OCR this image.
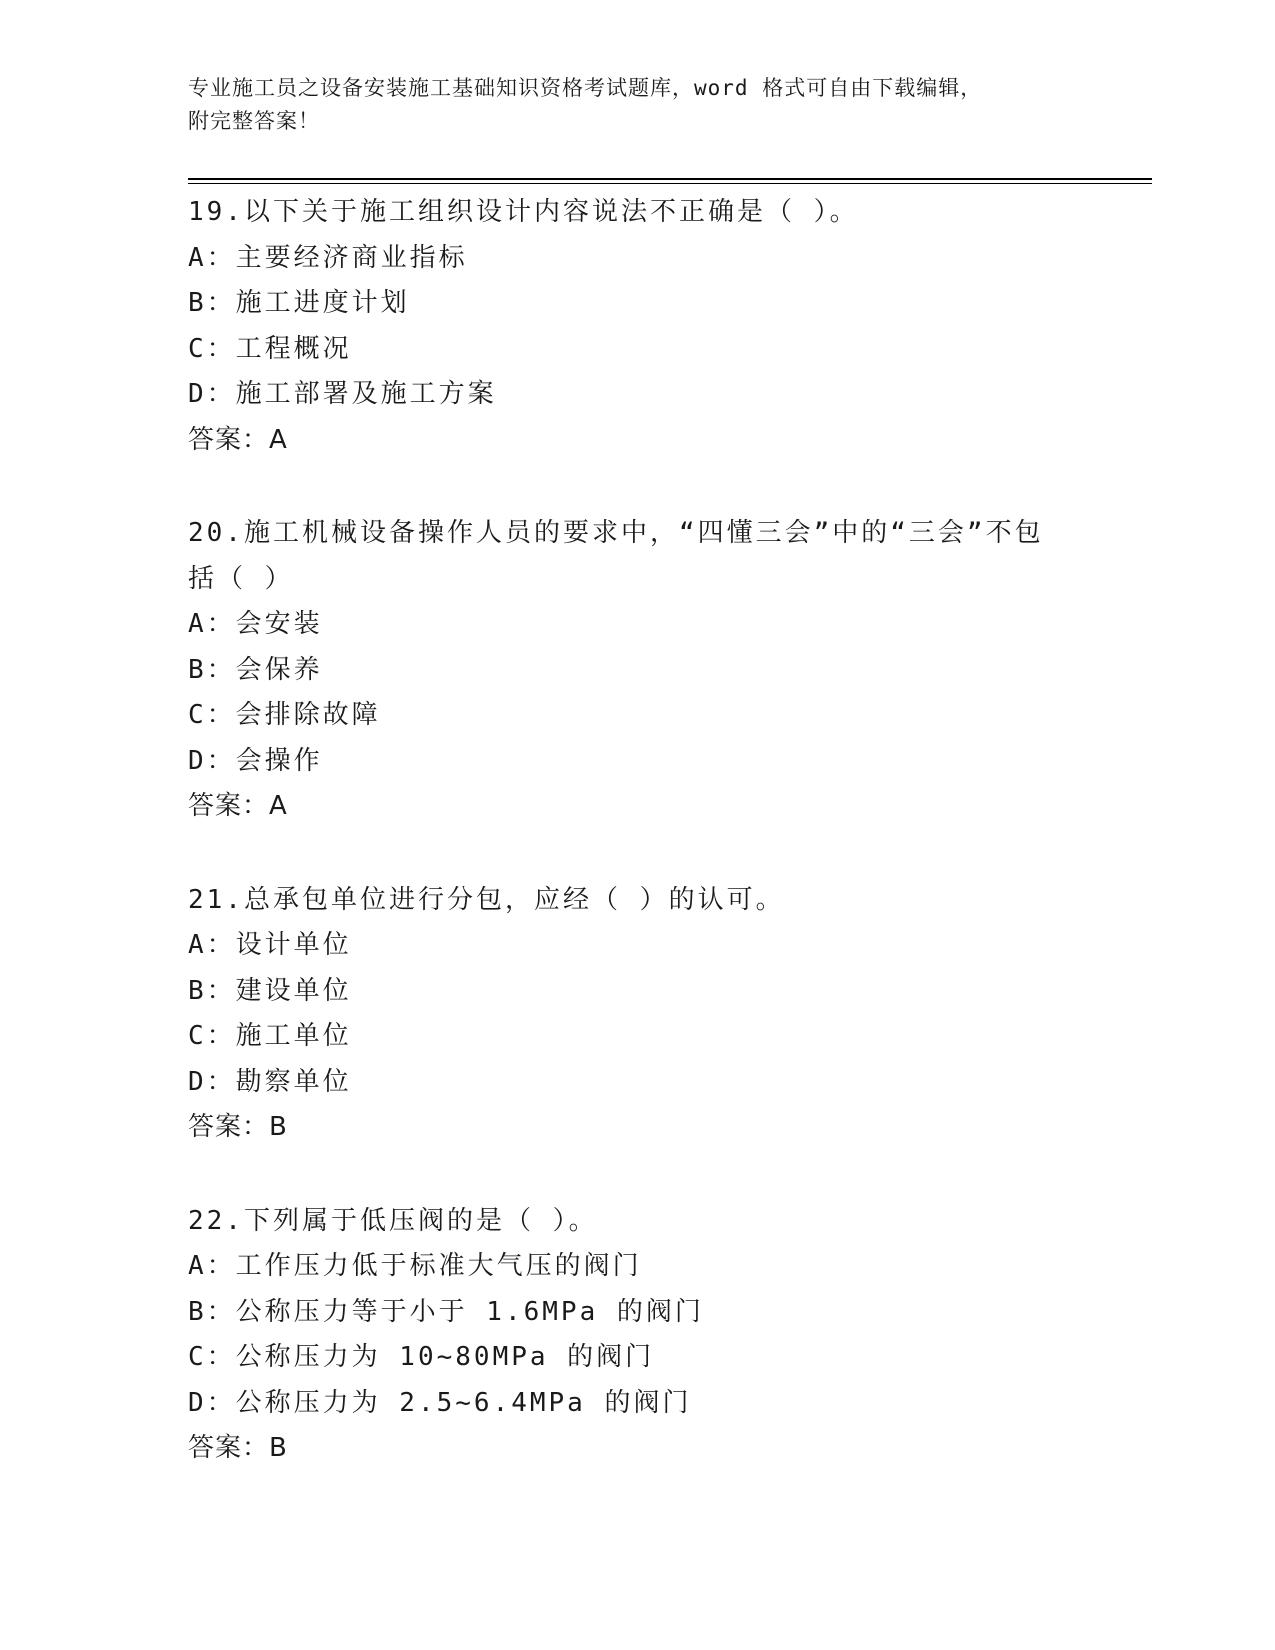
专业施工员之设备安装施工基础知识资格考试题库，word 格式可自由下载编辑，
附完整答案！
19.以下关于施工组织设计内容说法不正确是（ ）。
A：主要经济商业指标
B：施工进度计划
C：工程概况
D：施工部署及施工方案
答案：A
20.施工机械设备操作人员的要求中，“四懂三会”中的“三会”不包
括（ ）
A：会安装
B：会保养
C：会排除故障
D：会操作
答案：A
21.总承包单位进行分包，应经（ ）的认可。
A：设计单位
B：建设单位
C：施工单位
D：勘察单位
答案：B
22.下列属于低压阀的是（ ）。
A：工作压力低于标准大气压的阀门
B：公称压力等于小于 1.6MPa 的阀门
C：公称压力为 10~80MPa 的阀门
D：公称压力为 2.5~6.4MPa 的阀门
答案：B
